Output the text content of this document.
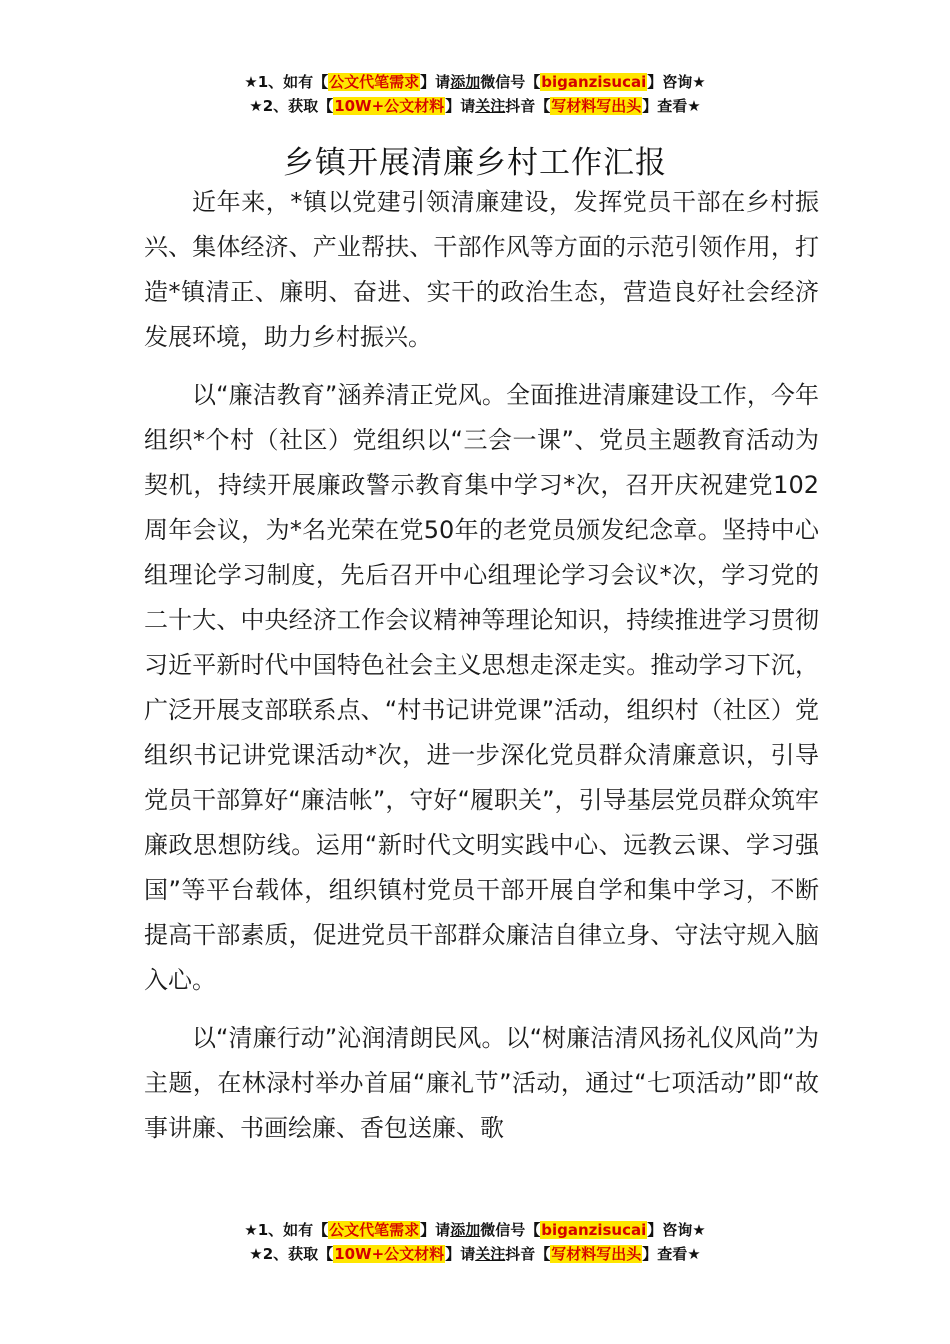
★1、如有【公文代笔需求】请添加微信号【biganzisucai】咨询★
★2、获取【10W+公文材料】请关注抖音【写材料写出头】查看★
乡镇开展清廉乡村工作汇报

近年来，*镇以党建引领清廉建设，发挥党员干部在乡村振兴、集体经济、产业帮扶、干部作风等方面的示范引领作用，打造*镇清正、廉明、奋进、实干的政治生态，营造良好社会经济发展环境，助力乡村振兴。

以“廉洁教育”涵养清正党风。全面推进清廉建设工作，今年组织*个村（社区）党组织以“三会一课”、党员主题教育活动为契机，持续开展廉政警示教育集中学习*次，召开庆祝建党102周年会议，为*名光荣在党50年的老党员颁发纪念章。坚持中心组理论学习制度，先后召开中心组理论学习会议*次，学习党的二十大、中央经济工作会议精神等理论知识，持续推进学习贯彻习近平新时代中国特色社会主义思想走深走实。推动学习下沉，广泛开展支部联系点、“村书记讲党课”活动，组织村（社区）党组织书记讲党课活动*次，进一步深化党员群众清廉意识，引导党员干部算好“廉洁帐”，守好“履职关”，引导基层党员群众筑牢廉政思想防线。运用“新时代文明实践中心、远教云课、学习强国”等平台载体，组织镇村党员干部开展自学和集中学习，不断提高干部素质，促进党员干部群众廉洁自律立身、守法守规入脑入心。

以“清廉行动”沁润清朗民风。以“树廉洁清风扬礼仪风尚”为主题，在林渌村举办首届“廉礼节”活动，通过“七项活动”即“故事讲廉、书画绘廉、香包送廉、歌

★1、如有【公文代笔需求】请添加微信号【biganzisucai】咨询★
★2、获取【10W+公文材料】请关注抖音【写材料写出头】查看★
